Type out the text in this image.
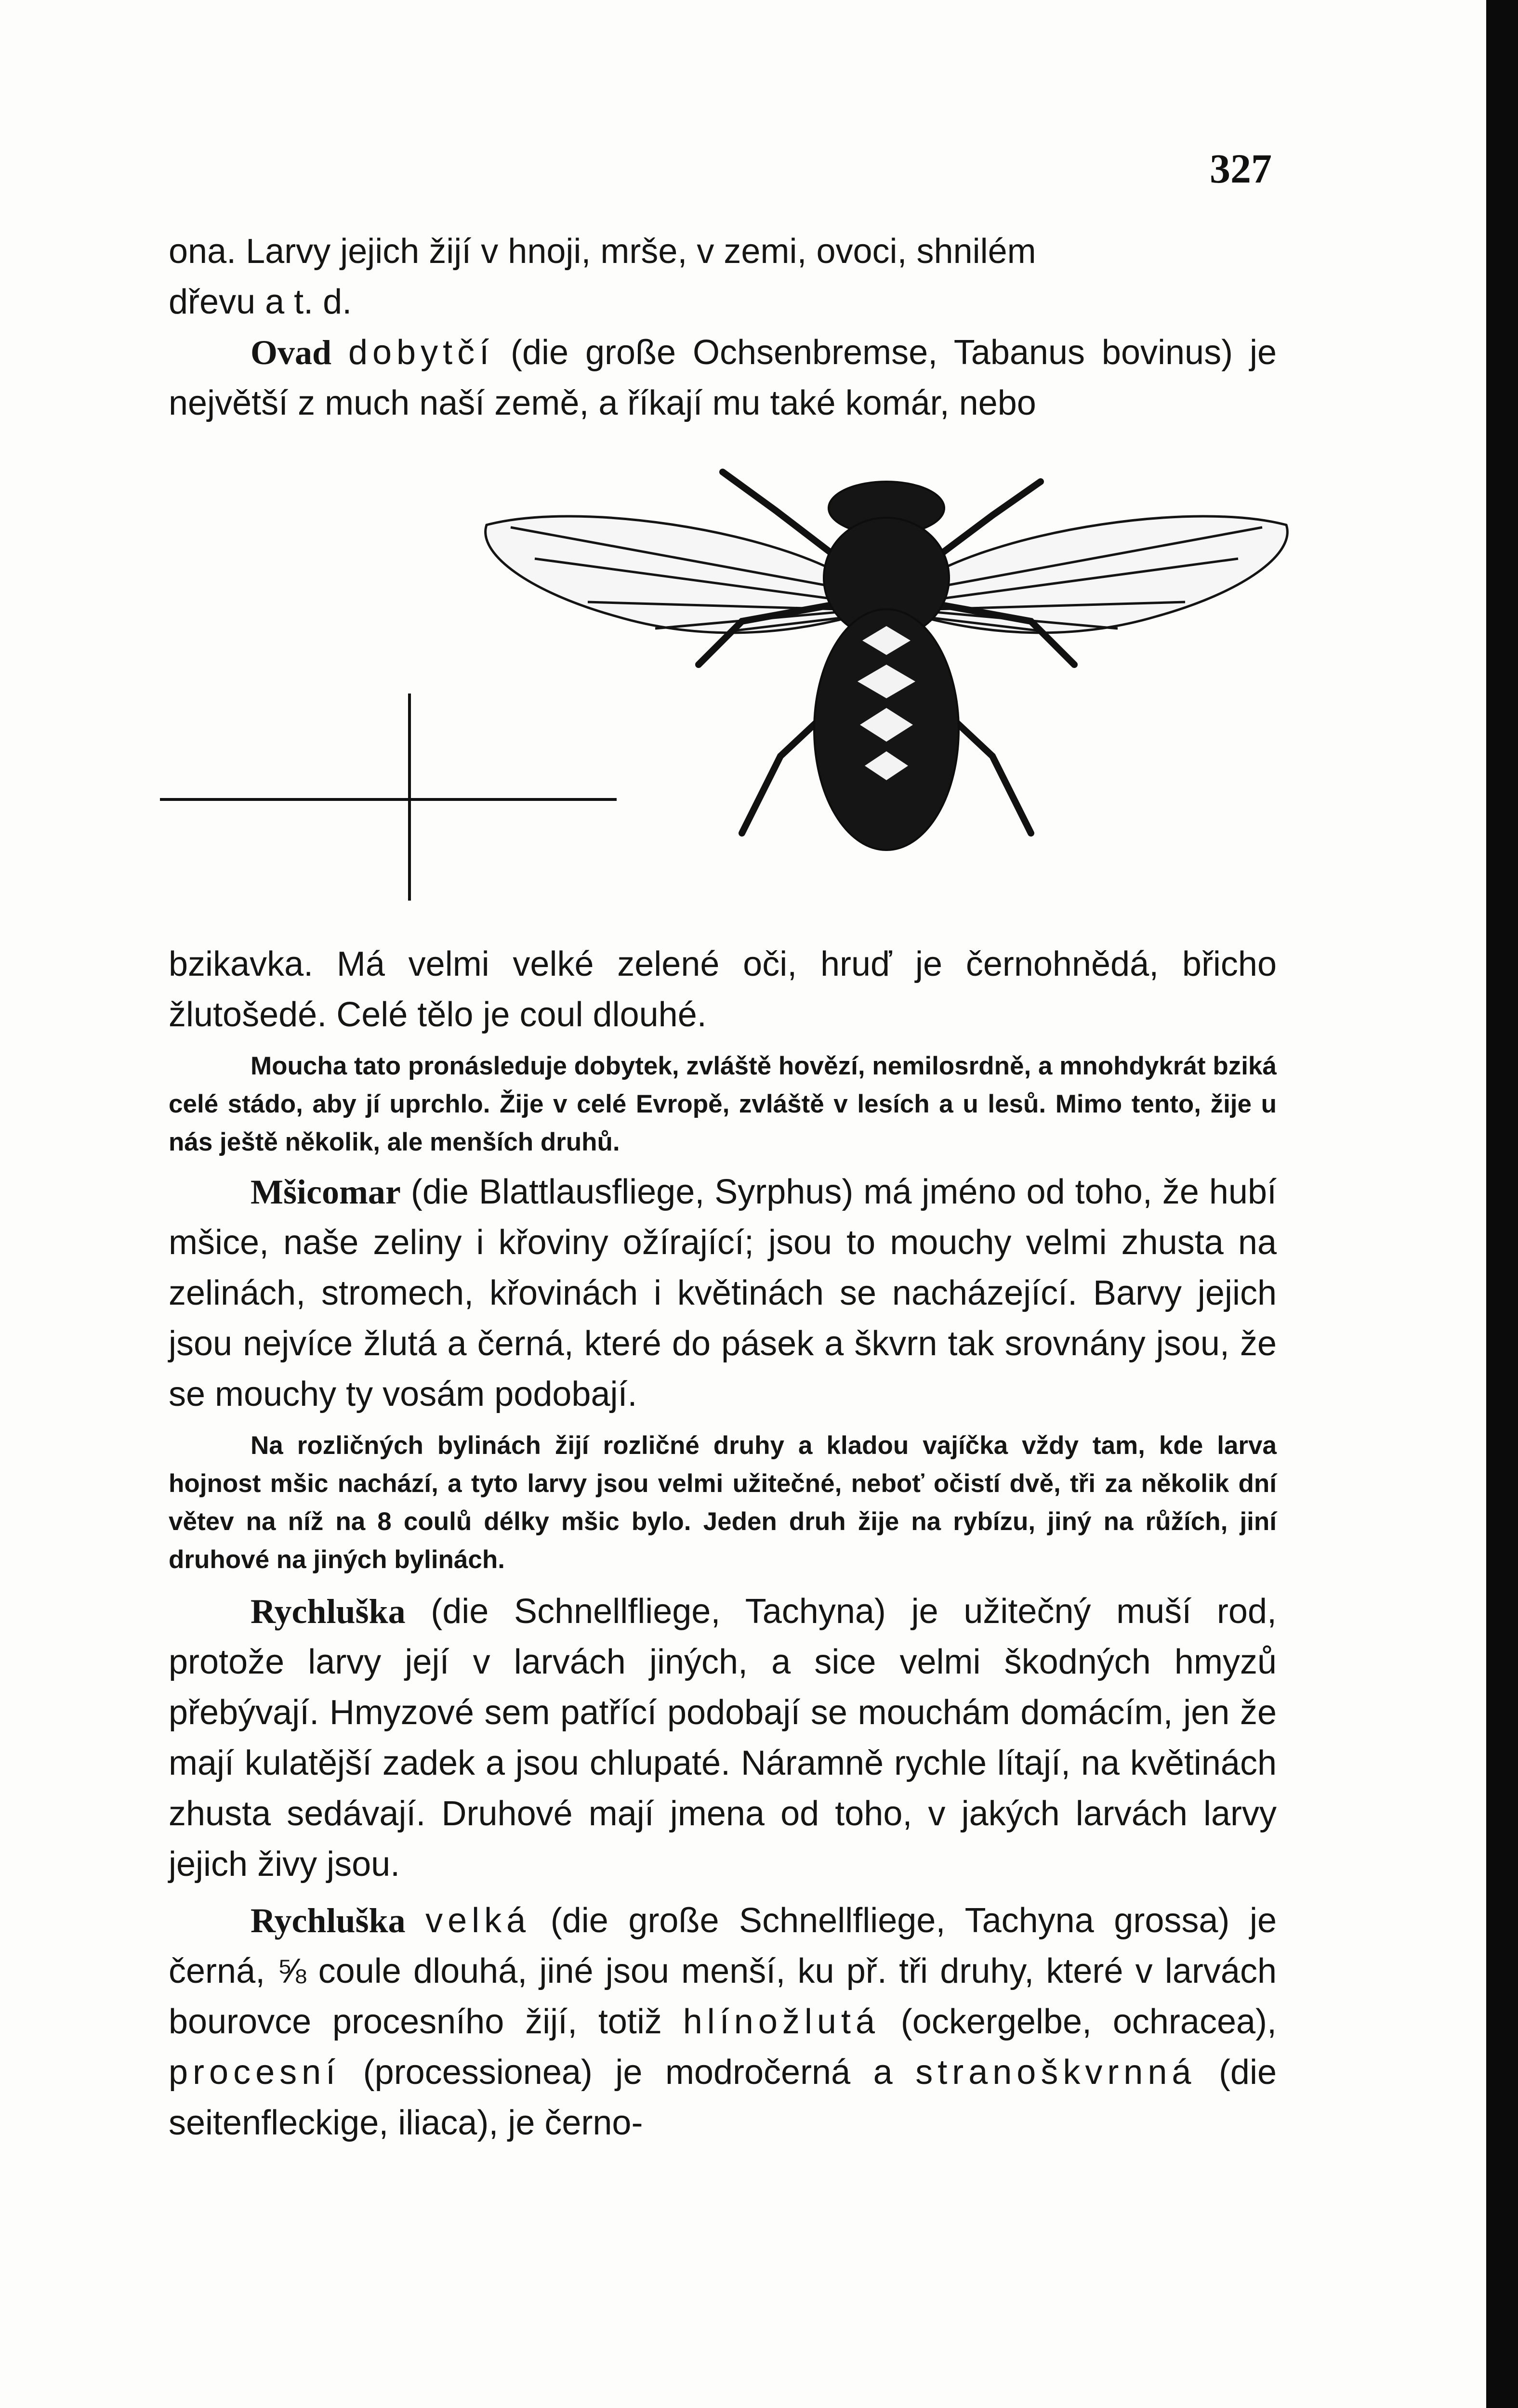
327

ona. Larvy jejich žijí v hnoji, mrše, v zemi, ovoci, shnilém

dřevu a t. d.

Ovad dobytčí (die große Ochsenbremse, Tabanus bovinus) je největší z much naší země, a říkají mu také komár, nebo

bzikavka. Má velmi velké zelené oči, hruď je černohnědá, břicho žlutošedé. Celé tělo je coul dlouhé.

Moucha tato pronásleduje dobytek, zvláště hovězí, nemilosrdně, a mnohdykrát bziká celé stádo, aby jí uprchlo. Žije v celé Evropě, zvláště v lesích a u lesů. Mimo tento, žije u nás ještě několik, ale menších druhů.

Mšicomar (die Blattlausfliege, Syrphus) má jméno od toho, že hubí mšice, naše zeliny i křoviny ožírající; jsou to mouchy velmi zhusta na zelinách, stromech, křovinách i květinách se nacházející. Barvy jejich jsou nejvíce žlutá a černá, které do pásek a škvrn tak srovnány jsou, že se mouchy ty vosám podobají.

Na rozličných bylinách žijí rozličné druhy a kladou vajíčka vždy tam, kde larva hojnost mšic nachází, a tyto larvy jsou velmi užitečné, neboť očistí dvě, tři za několik dní větev na níž na 8 coulů délky mšic bylo. Jeden druh žije na rybízu, jiný na růžích, jiní druhové na jiných bylinách.

Rychluška (die Schnellfliege, Tachyna) je užitečný muší rod, protože larvy její v larvách jiných, a sice velmi škodných hmyzů přebývají. Hmyzové sem patřící podobají se mouchám domácím, jen že mají kulatější zadek a jsou chlupaté. Náramně rychle lítají, na květinách zhusta sedávají. Druhové mají jmena od toho, v jakých larvách larvy jejich živy jsou.

Rychluška velká (die große Schnellfliege, Tachyna grossa) je černá, ⅝ coule dlouhá, jiné jsou menší, ku př. tři druhy, které v larvách bourovce procesního žijí, totiž hlínožlutá (ockergelbe, ochracea), procesní (processionea) je modročerná a stranoškvrnná (die seitenfleckige, iliaca), je černo-
